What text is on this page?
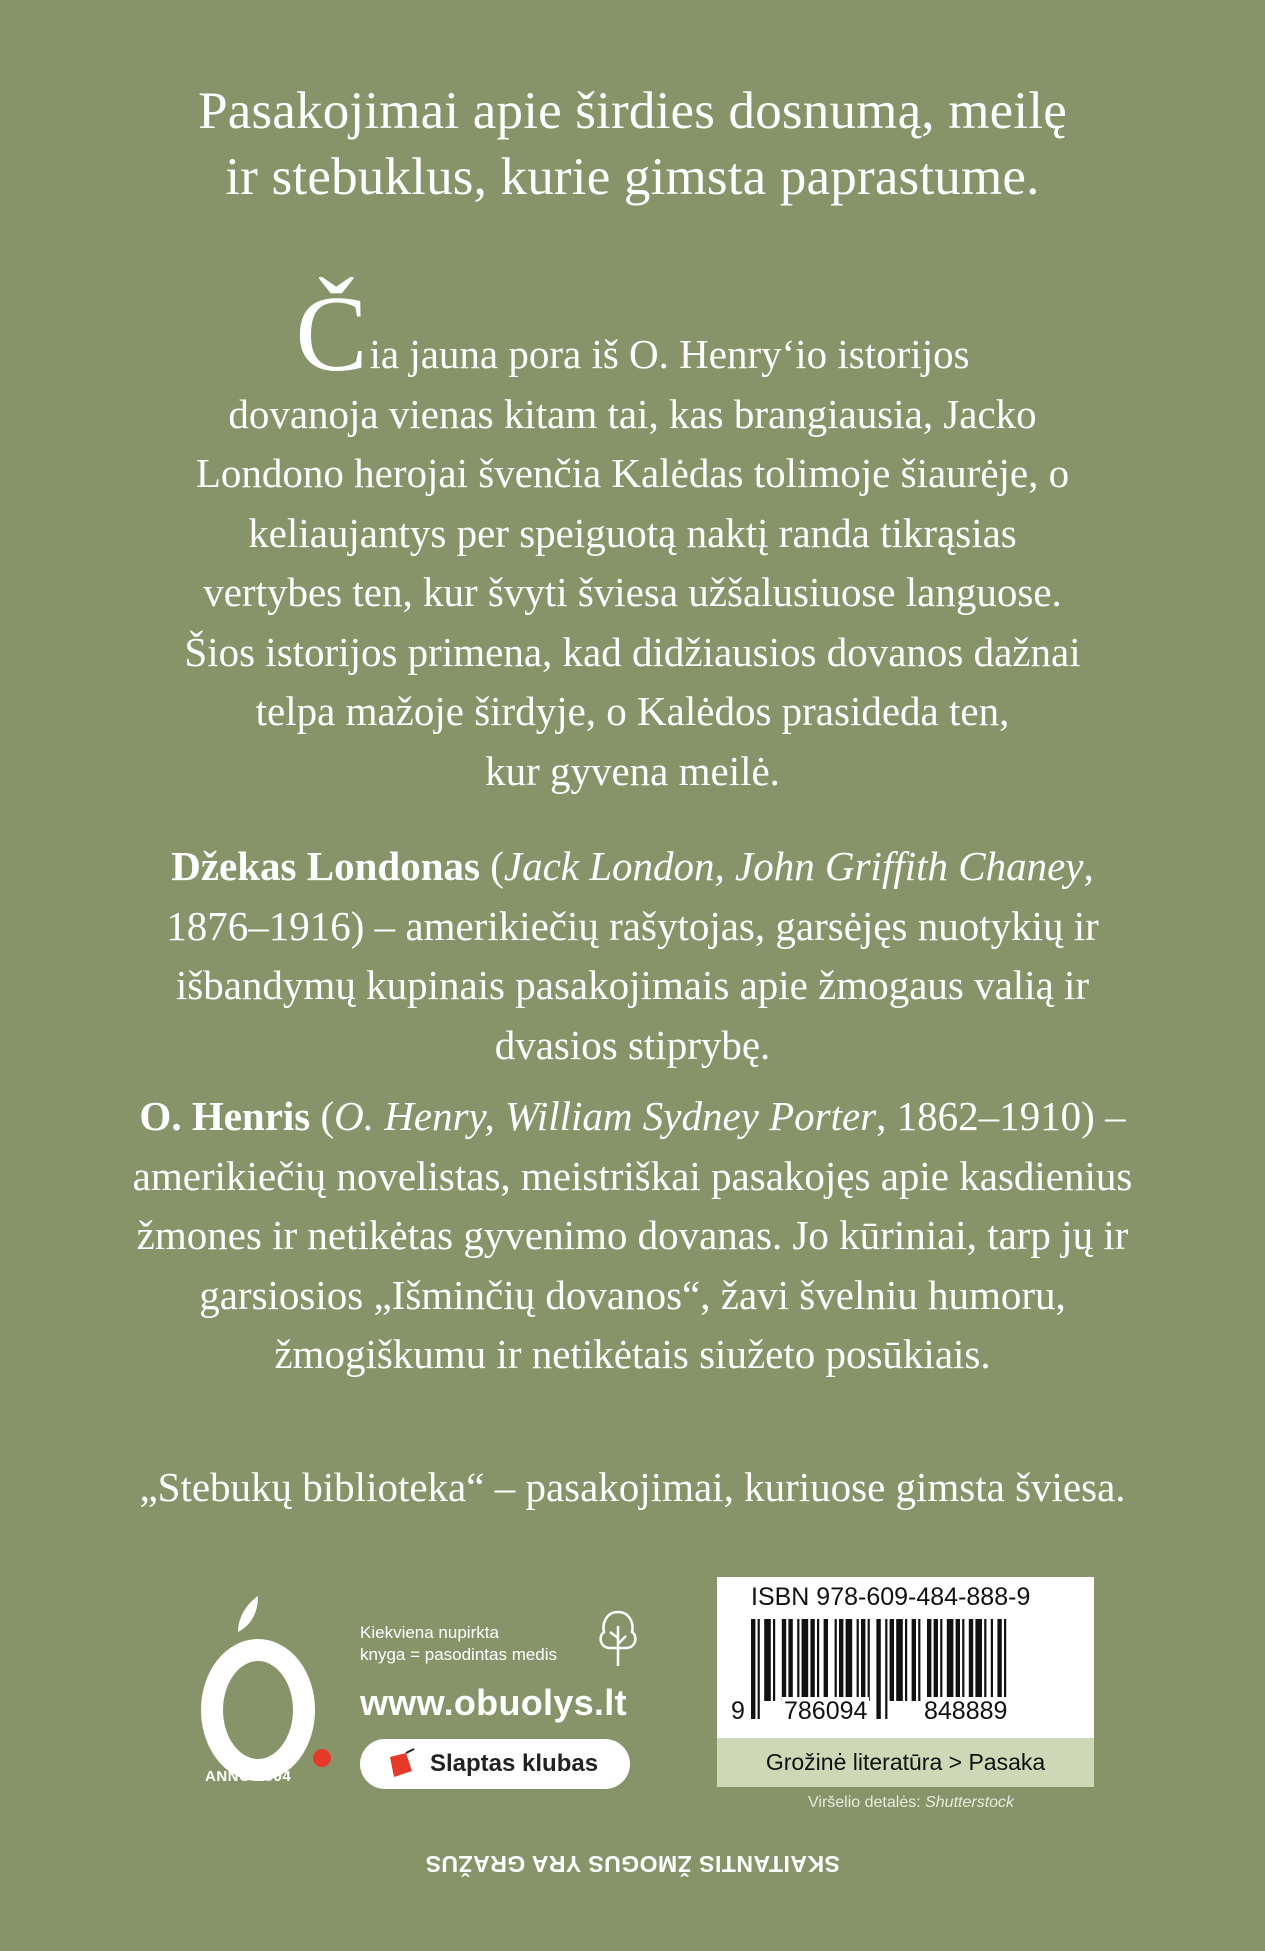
Pasakojimai apie širdies dosnumą, meilę
ir stebuklus, kurie gimsta paprastume.
Čia jauna pora iš O. Henry‘io istorijos
dovanoja vienas kitam tai, kas brangiausia, Jacko
Londono herojai švenčia Kalėdas tolimoje šiaurėje, o
keliaujantys per speiguotą naktį randa tikrąsias
vertybes ten, kur švyti šviesa užšalusiuose languose.
Šios istorijos primena, kad didžiausios dovanos dažnai
telpa mažoje širdyje, o Kalėdos prasideda ten,
kur gyvena meilė.
Džekas Londonas (Jack London, John Griffith Chaney,
1876–1916) – amerikiečių rašytojas, garsėjęs nuotykių ir
išbandymų kupinais pasakojimais apie žmogaus valią ir
dvasios stiprybę.
O. Henris (O. Henry, William Sydney Porter, 1862–1910) –
amerikiečių novelistas, meistriškai pasakojęs apie kasdienius
žmones ir netikėtas gyvenimo dovanas. Jo kūriniai, tarp jų ir
garsiosios „Išminčių dovanos“, žavi švelniu humoru,
žmogiškumu ir netikėtais siužeto posūkiais.
„Stebukų biblioteka“ – pasakojimai, kuriuose gimsta šviesa.
ANNO 2004
Kiekviena nupirkta
knyga = pasodintas medis
www.obuolys.lt
Slaptas klubas
ISBN 978-609-484-888-9
9 786094 848889
Grožinė literatūra > Pasaka
Viršelio detalės: Shutterstock
SKAITANTIS ŽMOGUS YRA GRAŽUS
